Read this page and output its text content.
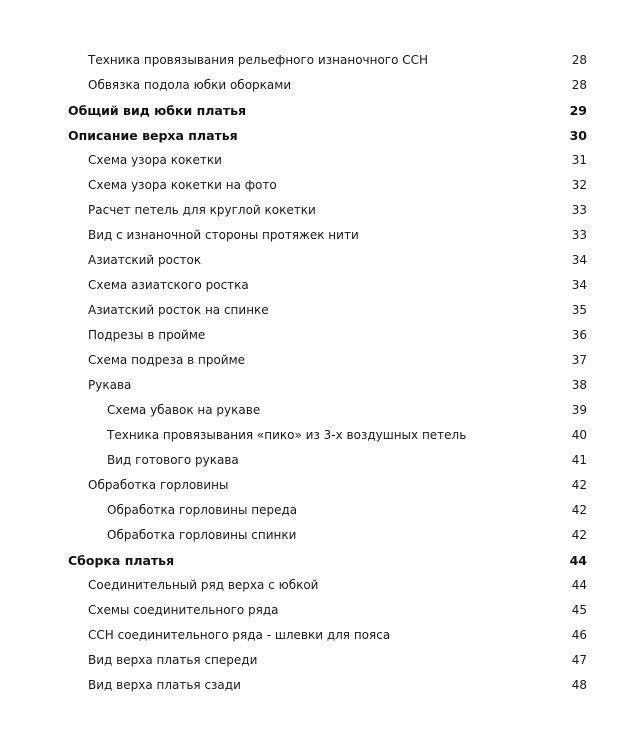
Техника провязывания рельефного изнаночного ССН	28
Обвязка подола юбки оборками	28
Общий вид юбки платья	29
Описание верха платья	30
Схема узора кокетки	31
Схема узора кокетки на фото	32
Расчет петель для круглой кокетки	33
Вид с изнаночной стороны протяжек нити	33
Азиатский росток	34
Схема азиатского ростка	34
Азиатский росток на спинке	35
Подрезы в пройме	36
Схема подреза в пройме	37
Рукава	38
Схема убавок на рукаве	39
Техника провязывания «пико» из 3-х воздушных петель	40
Вид готового рукава	41
Обработка горловины	42
Обработка горловины переда	42
Обработка горловины спинки	42
Сборка платья	44
Соединительный ряд верха с юбкой	44
Схемы соединительного ряда	45
ССН соединительного ряда - шлевки для пояса	46
Вид верха платья спереди	47
Вид верха платья сзади	48
